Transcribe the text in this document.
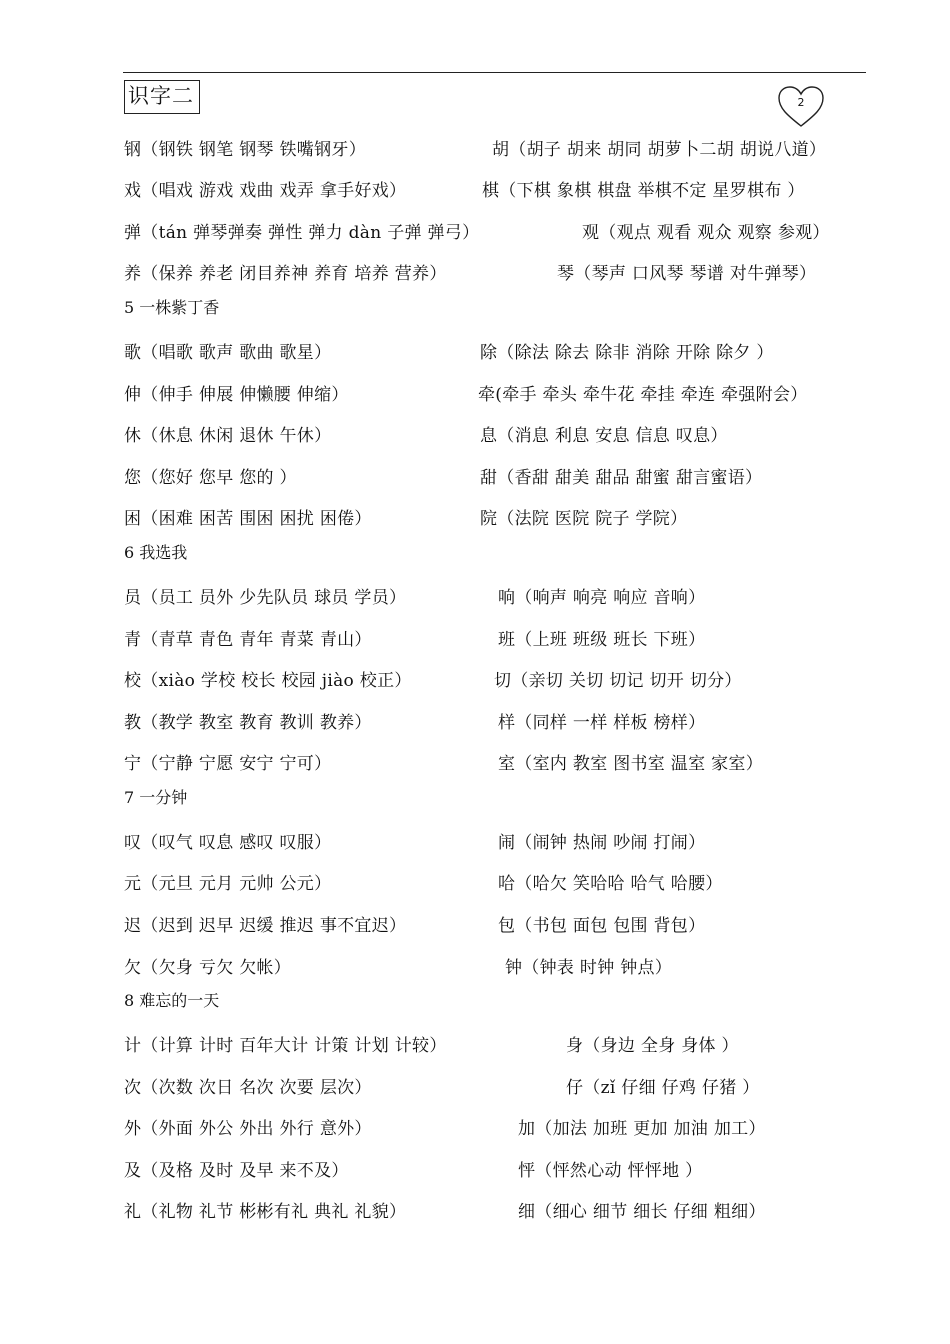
识字二	2
钢（钢铁 钢笔 钢琴 铁嘴钢牙）	胡（胡子 胡来 胡同 胡萝卜二胡 胡说八道）
戏（唱戏 游戏 戏曲 戏弄 拿手好戏）	棋（下棋 象棋 棋盘 举棋不定 星罗棋布 ）
弹（tán 弹琴弹奏 弹性 弹力 dàn 子弹 弹弓）	观（观点 观看 观众 观察 参观）
养（保养 养老 闭目养神 养育 培养 营养）	琴（琴声 口风琴 琴谱 对牛弹琴）
5 一株紫丁香
歌（唱歌 歌声 歌曲 歌星）	除（除法 除去 除非 消除 开除 除夕 ）
伸（伸手 伸展 伸懒腰 伸缩）	牵(牵手 牵头 牵牛花 牵挂 牵连 牵强附会）
休（休息 休闲 退休 午休）	息（消息 利息 安息 信息 叹息）
您（您好 您早 您的 ）	甜（香甜 甜美 甜品 甜蜜 甜言蜜语）
困（困难 困苦 围困 困扰 困倦）	院（法院 医院 院子 学院）
6 我选我
员（员工 员外 少先队员 球员 学员）	响（响声 响亮 响应 音响）
青（青草 青色 青年 青菜 青山）	班（上班 班级 班长 下班）
校（xiào 学校 校长 校园 jiào 校正）	切（亲切 关切 切记 切开 切分）
教（教学 教室 教育 教训 教养）	样（同样 一样 样板 榜样）
宁（宁静 宁愿 安宁 宁可）	室（室内 教室 图书室 温室 家室）
7 一分钟
叹（叹气 叹息 感叹 叹服）	闹（闹钟 热闹 吵闹 打闹）
元（元旦 元月 元帅 公元）	哈（哈欠 笑哈哈 哈气 哈腰）
迟（迟到 迟早 迟缓 推迟 事不宜迟）	包（书包 面包 包围 背包）
欠（欠身 亏欠 欠帐）	钟（钟表 时钟 钟点）
8 难忘的一天
计（计算 计时 百年大计 计策 计划 计较）	身（身边 全身 身体 ）
次（次数 次日 名次 次要 层次）	仔（zǐ 仔细 仔鸡 仔猪 ）
外（外面 外公 外出 外行 意外）	加（加法 加班 更加 加油 加工）
及（及格 及时 及早 来不及）	怦（怦然心动 怦怦地 ）
礼（礼物 礼节 彬彬有礼 典礼 礼貌）	细（细心 细节 细长 仔细 粗细）
